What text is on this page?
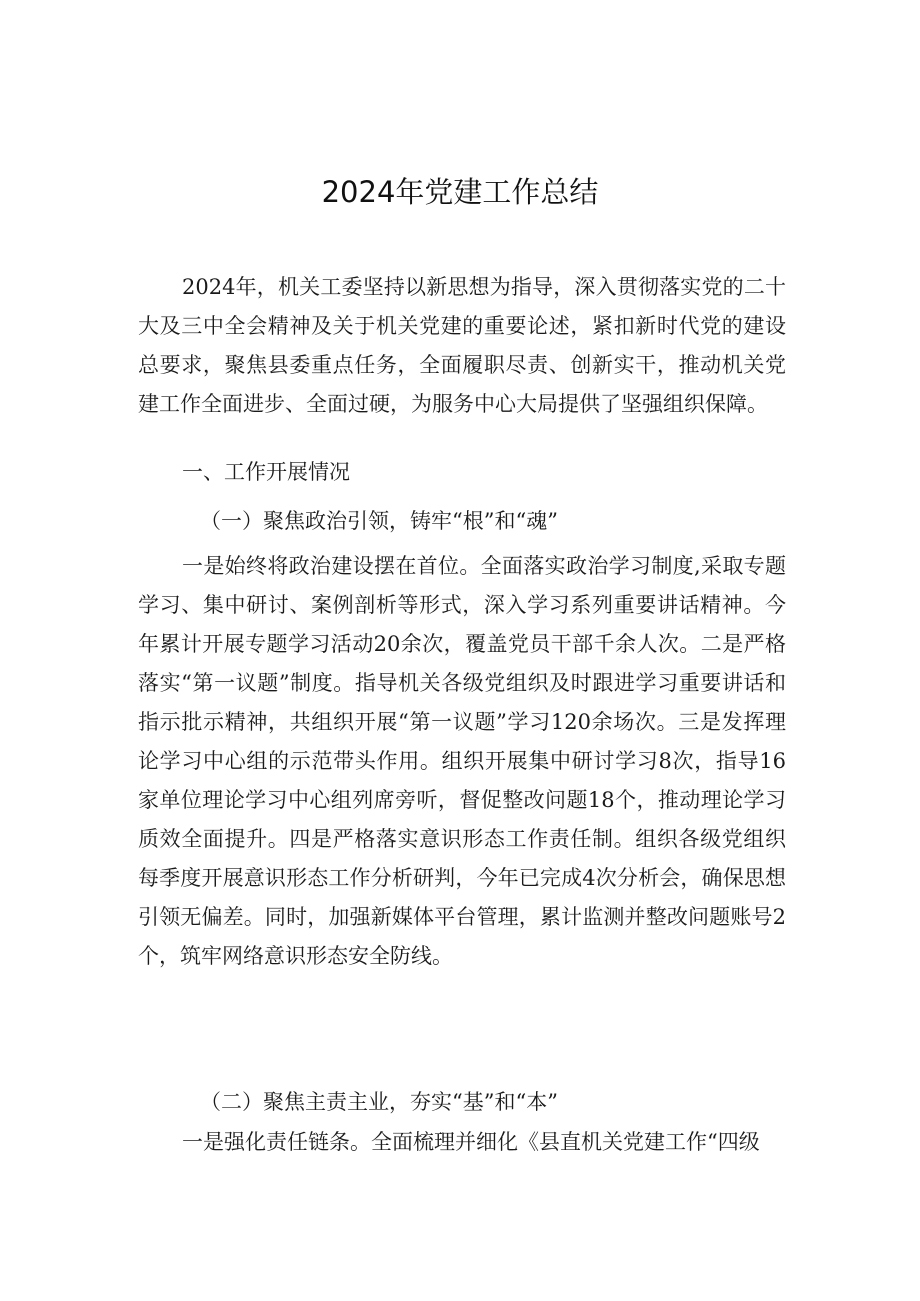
2024年党建工作总结

2024年，机关工委坚持以新思想为指导，深入贯彻落实党的二十大及三中全会精神及关于机关党建的重要论述，紧扣新时代党的建设总要求，聚焦县委重点任务，全面履职尽责、创新实干，推动机关党建工作全面进步、全面过硬，为服务中心大局提供了坚强组织保障。

一、工作开展情况

（一）聚焦政治引领，铸牢“根”和“魂”

一是始终将政治建设摆在首位。全面落实政治学习制度,采取专题学习、集中研讨、案例剖析等形式，深入学习系列重要讲话精神。今年累计开展专题学习活动20余次，覆盖党员干部千余人次。二是严格落实“第一议题”制度。指导机关各级党组织及时跟进学习重要讲话和指示批示精神，共组织开展“第一议题”学习120余场次。三是发挥理论学习中心组的示范带头作用。组织开展集中研讨学习8次，指导16家单位理论学习中心组列席旁听，督促整改问题18个，推动理论学习质效全面提升。四是严格落实意识形态工作责任制。组织各级党组织每季度开展意识形态工作分析研判，今年已完成4次分析会，确保思想引领无偏差。同时，加强新媒体平台管理，累计监测并整改问题账号2个，筑牢网络意识形态安全防线。

（二）聚焦主责主业，夯实“基”和“本”

一是强化责任链条。全面梳理并细化《县直机关党建工作“四级
